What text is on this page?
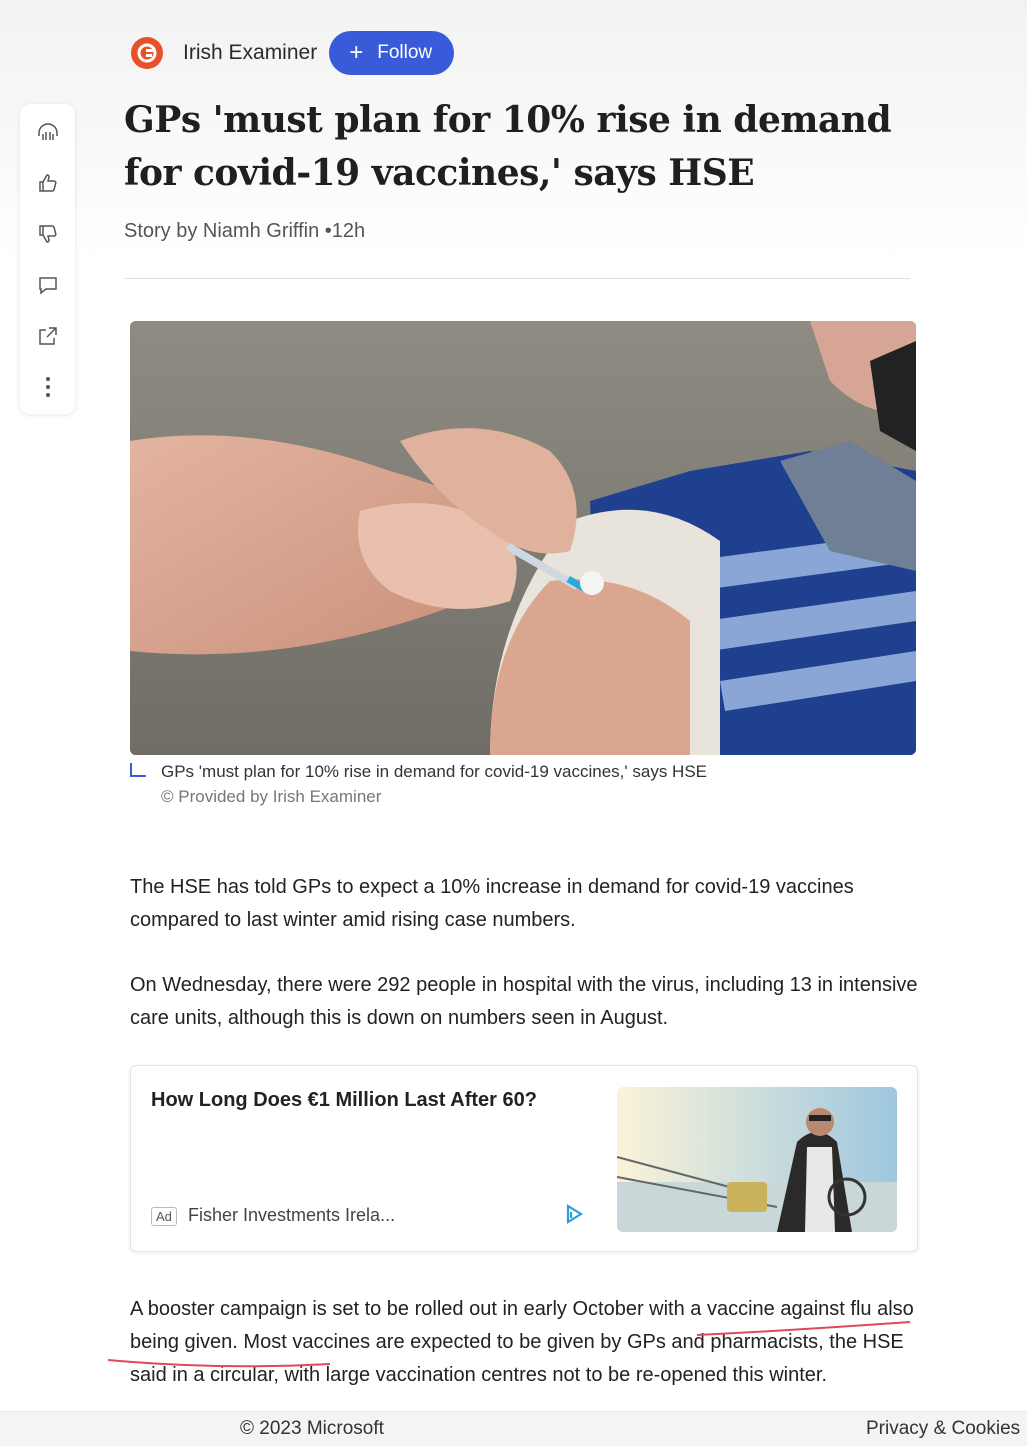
Irish Examiner + Follow
GPs 'must plan for 10% rise in demand for covid-19 vaccines,' says HSE
Story by Niamh Griffin •12h
GPs 'must plan for 10% rise in demand for covid-19 vaccines,' says HSE
© Provided by Irish Examiner

The HSE has told GPs to expect a 10% increase in demand for covid-19 vaccines compared to last winter amid rising case numbers.

On Wednesday, there were 292 people in hospital with the virus, including 13 in intensive care units, although this is down on numbers seen in August.

How Long Does €1 Million Last After 60?
Ad Fisher Investments Irela...

A booster campaign is set to be rolled out in early October with a vaccine against flu also being given. Most vaccines are expected to be given by GPs and pharmacists, the HSE said in a circular, with large vaccination centres not to be re-opened this winter.

© 2023 Microsoft	Privacy & Cookies
